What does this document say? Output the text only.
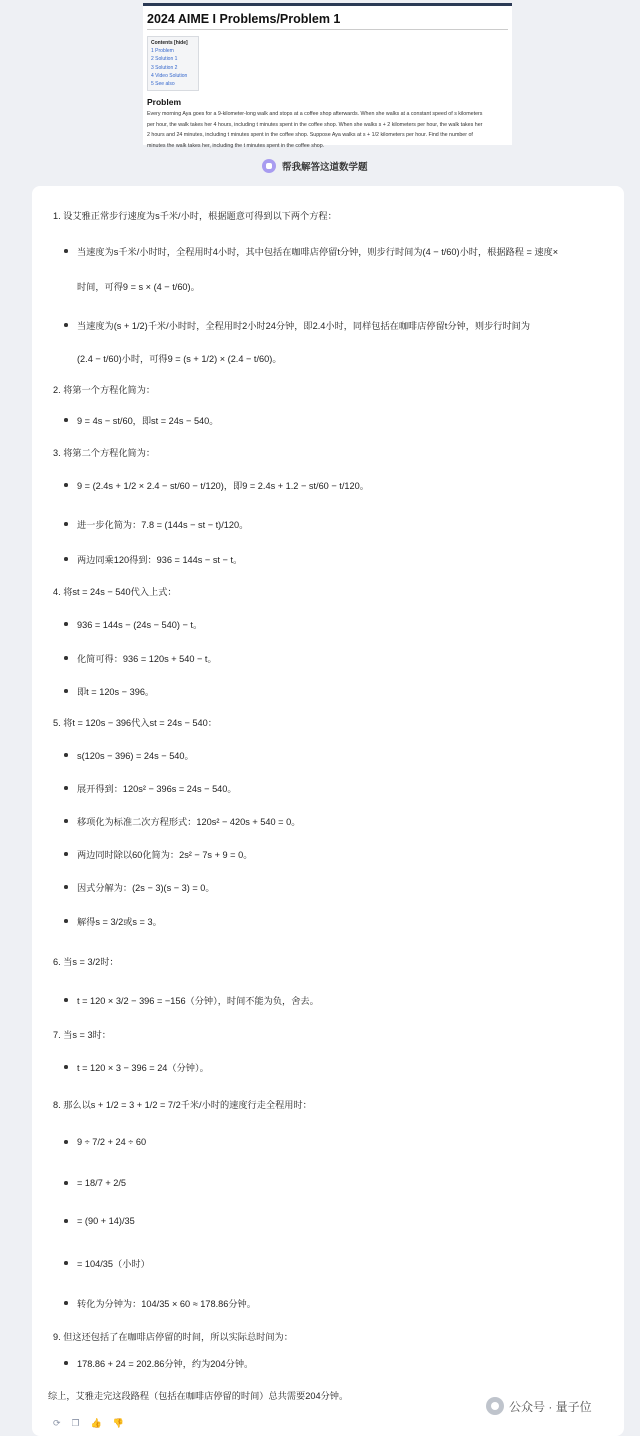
2024 AIME I Problems/Problem 1
Contents [hide]
1 Problem
2 Solution 1
3 Solution 2
4 Video Solution
5 See also
Problem

Every morning Aya goes for a 9-kilometer-long walk and stops at a coffee shop afterwards. When she walks at a constant speed of s kilometers

per hour, the walk takes her 4 hours, including t minutes spent in the coffee shop. When she walks s + 2 kilometers per hour, the walk takes her

2 hours and 24 minutes, including t minutes spent in the coffee shop. Suppose Aya walks at s + 1/2 kilometers per hour. Find the number of

minutes the walk takes her, including the t minutes spent in the coffee shop.

帮我解答这道数学题
1. 设艾雅正常步行速度为s千米/小时，根据题意可得到以下两个方程：
当速度为s千米/小时时，全程用时4小时，其中包括在咖啡店停留t分钟，则步行时间为(4 − t/60)小时，根据路程 = 速度×
时间，可得9 = s × (4 − t/60)。
当速度为(s + 1/2)千米/小时时，全程用时2小时24分钟，即2.4小时，同样包括在咖啡店停留t分钟，则步行时间为
(2.4 − t/60)小时，可得9 = (s + 1/2) × (2.4 − t/60)。
2. 将第一个方程化简为：
9 = 4s − st/60，即st = 24s − 540。
3. 将第二个方程化简为：
9 = (2.4s + 1/2 × 2.4 − st/60 − t/120)，即9 = 2.4s + 1.2 − st/60 − t/120。
进一步化简为：7.8 = (144s − st − t)/120。
两边同乘120得到：936 = 144s − st − t。
4. 将st = 24s − 540代入上式：
936 = 144s − (24s − 540) − t。
化简可得：936 = 120s + 540 − t。
即t = 120s − 396。
5. 将t = 120s − 396代入st = 24s − 540：
s(120s − 396) = 24s − 540。
展开得到：120s² − 396s = 24s − 540。
移项化为标准二次方程形式：120s² − 420s + 540 = 0。
两边同时除以60化简为：2s² − 7s + 9 = 0。
因式分解为：(2s − 3)(s − 3) = 0。
解得s = 3/2或s = 3。
6. 当s = 3/2时：
t = 120 × 3/2 − 396 = −156（分钟），时间不能为负，舍去。
7. 当s = 3时：
t = 120 × 3 − 396 = 24（分钟）。
8. 那么以s + 1/2 = 3 + 1/2 = 7/2千米/小时的速度行走全程用时：
9 ÷ 7/2 + 24 ÷ 60
= 18/7 + 2/5
= (90 + 14)/35
= 104/35（小时）
转化为分钟为：104/35 × 60 ≈ 178.86分钟。
9. 但这还包括了在咖啡店停留的时间，所以实际总时间为：
178.86 + 24 = 202.86分钟，约为204分钟。
综上，艾雅走完这段路程（包括在咖啡店停留的时间）总共需要204分钟。
⟳ ❐ 👍 👎
公众号 · 量子位
